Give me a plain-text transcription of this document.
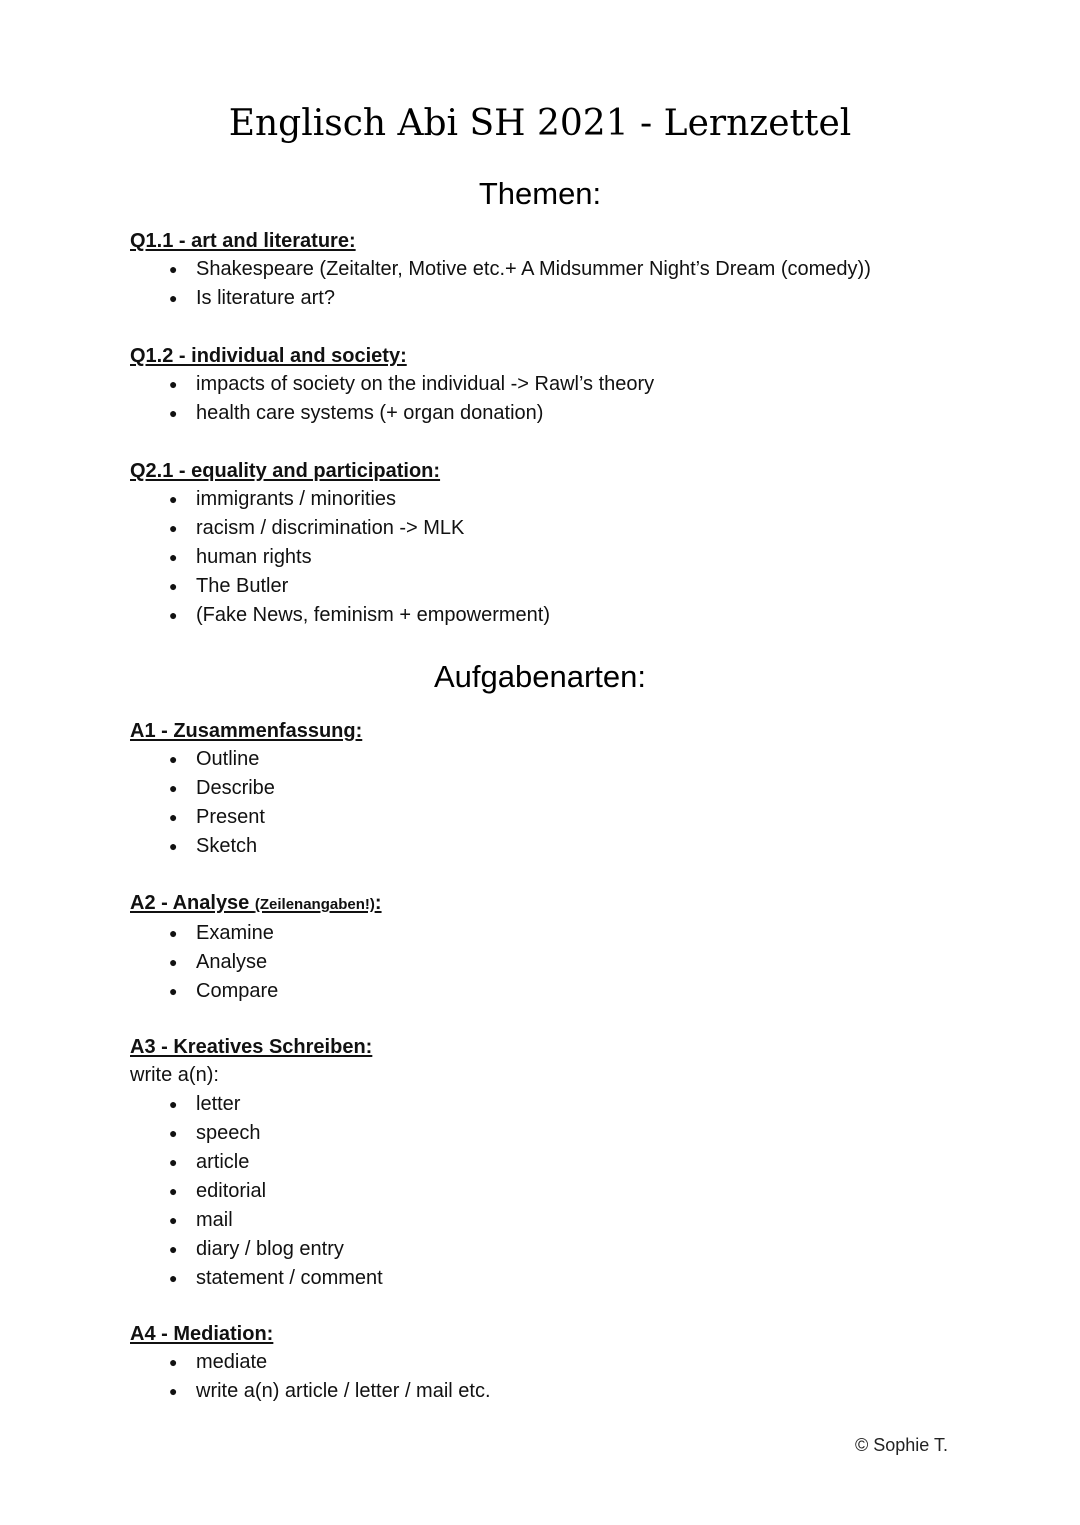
Englisch Abi SH 2021 - Lernzettel
Themen:
Q1.1 - art and literature:
● Shakespeare (Zeitalter, Motive etc.+ A Midsummer Night’s Dream (comedy))
● Is literature art?
Q1.2 - individual and society:
● impacts of society on the individual -> Rawl’s theory
● health care systems (+ organ donation)
Q2.1 - equality and participation:
● immigrants / minorities
● racism / discrimination -> MLK
● human rights
● The Butler
● (Fake News, feminism + empowerment)
Aufgabenarten:
A1 - Zusammenfassung:
● Outline
● Describe
● Present
● Sketch
A2 - Analyse (Zeilenangaben!):
● Examine
● Analyse
● Compare
A3 - Kreatives Schreiben:
write a(n):
● letter
● speech
● article
● editorial
● mail
● diary / blog entry
● statement / comment
A4 - Mediation:
● mediate
● write a(n) article / letter / mail etc.
© Sophie T.
